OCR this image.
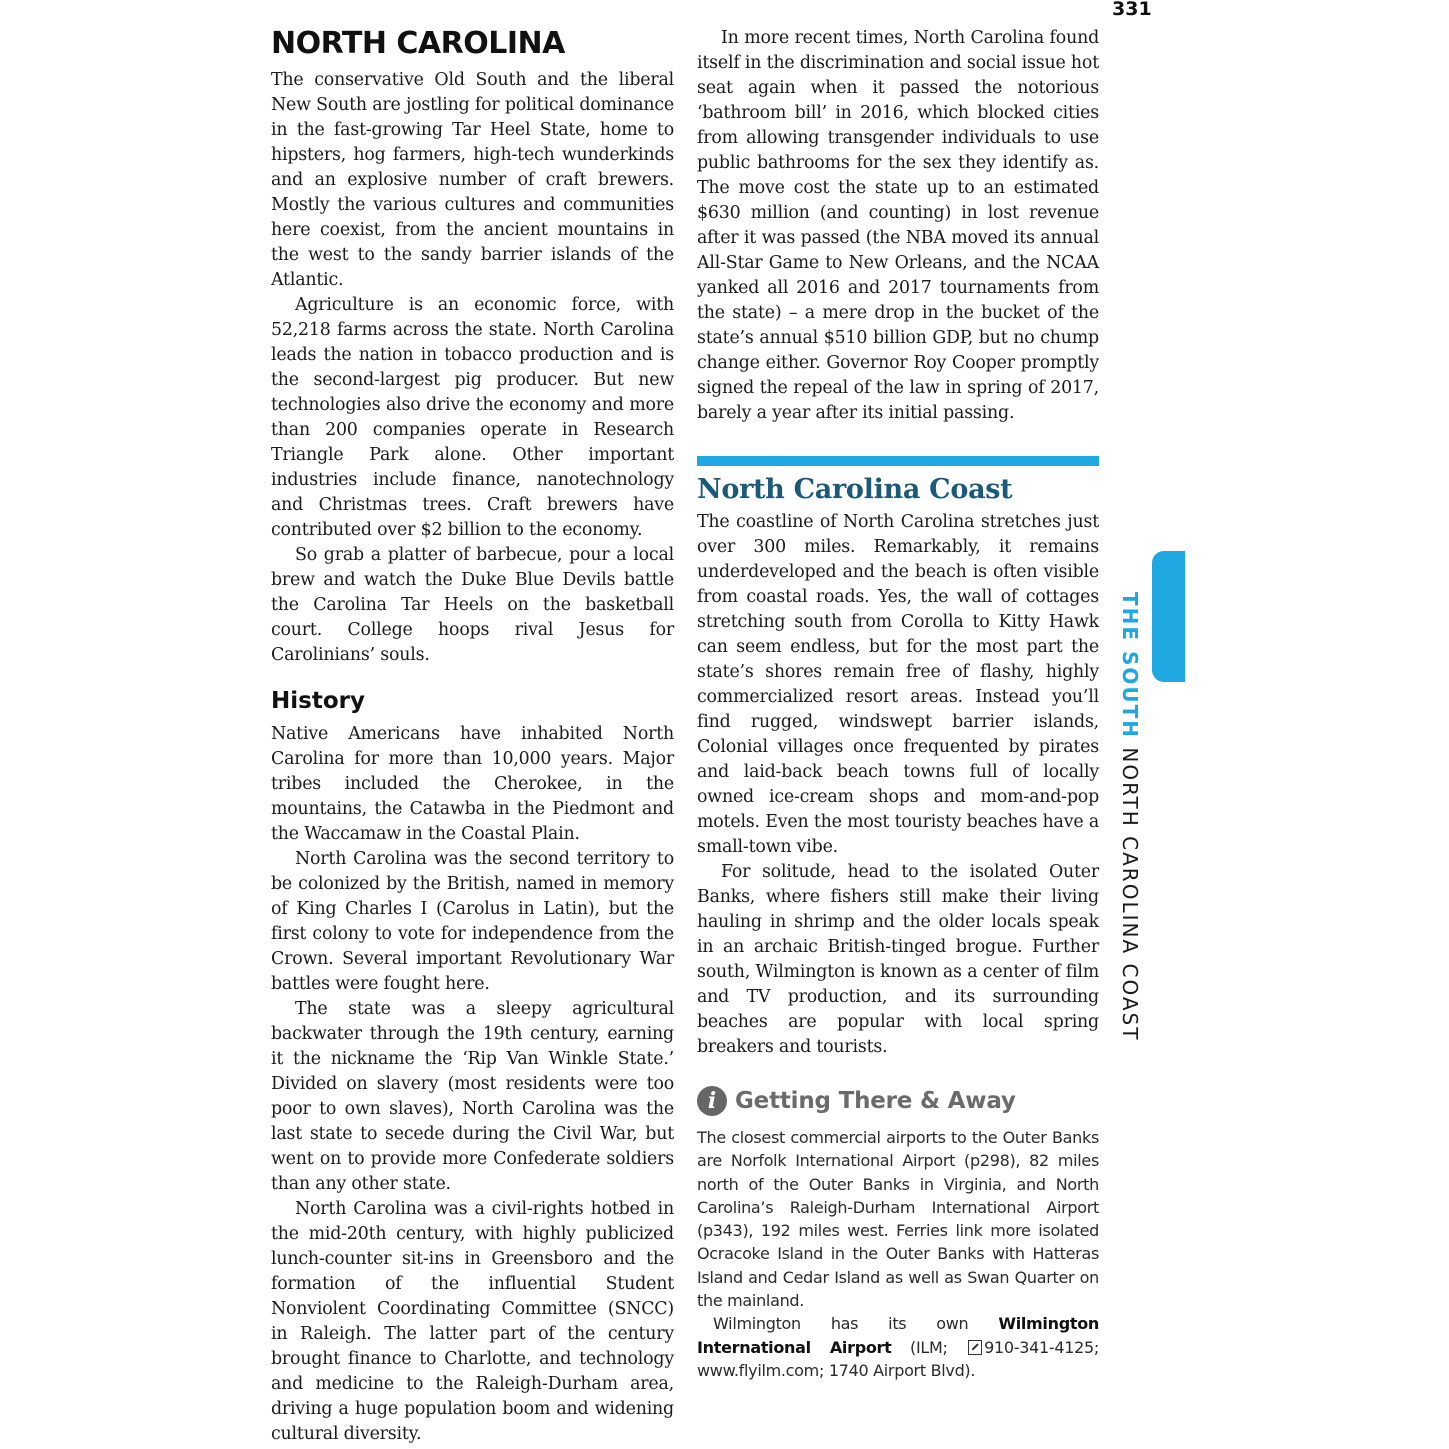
331
NORTH CAROLINA

The conservative Old South and the liberal New South are jostling for political dominance in the fast-growing Tar Heel State, home to hipsters, hog farmers, high-tech wunderkinds and an explosive number of craft brewers. Mostly the various cultures and communities here coexist, from the ancient mountains in the west to the sandy barrier islands of the Atlantic.

Agriculture is an economic force, with 52,218 farms across the state. North Carolina leads the nation in tobacco production and is the second-largest pig producer. But new technologies also drive the economy and more than 200 companies operate in Research Triangle Park alone. Other important industries include finance, nanotechnology and Christmas trees. Craft brewers have contributed over $2 billion to the economy.

So grab a platter of barbecue, pour a local brew and watch the Duke Blue Devils battle the Carolina Tar Heels on the basketball court. College hoops rival Jesus for Carolinians’ souls.

History

Native Americans have inhabited North Carolina for more than 10,000 years. Major tribes included the Cherokee, in the mountains, the Catawba in the Piedmont and the Waccamaw in the Coastal Plain.

North Carolina was the second territory to be colonized by the British, named in memory of King Charles I (Carolus in Latin), but the first colony to vote for independence from the Crown. Several important Revolutionary War battles were fought here.

The state was a sleepy agricultural backwater through the 19th century, earning it the nickname the ‘Rip Van Winkle State.’ Divided on slavery (most residents were too poor to own slaves), North Carolina was the last state to secede during the Civil War, but went on to provide more Confederate soldiers than any other state.

North Carolina was a civil-rights hotbed in the mid-20th century, with highly publicized lunch-counter sit-ins in Greensboro and the formation of the influential Student Nonviolent Coordinating Committee (SNCC) in Raleigh. The latter part of the century brought finance to Charlotte, and technology and medicine to the Raleigh-Durham area, driving a huge population boom and widening cultural diversity.

In more recent times, North Carolina found itself in the discrimination and social issue hot seat again when it passed the notorious ‘bathroom bill’ in 2016, which blocked cities from allowing transgender individuals to use public bathrooms for the sex they identify as. The move cost the state up to an estimated $630 million (and counting) in lost revenue after it was passed (the NBA moved its annual All-Star Game to New Orleans, and the NCAA yanked all 2016 and 2017 tournaments from the state) – a mere drop in the bucket of the state’s annual $510 billion GDP, but no chump change either. Governor Roy Cooper promptly signed the repeal of the law in spring of 2017, barely a year after its initial passing.

North Carolina Coast

The coastline of North Carolina stretches just over 300 miles. Remarkably, it remains underdeveloped and the beach is often visible from coastal roads. Yes, the wall of cottages stretching south from Corolla to Kitty Hawk can seem endless, but for the most part the state’s shores remain free of flashy, highly commercialized resort areas. Instead you’ll find rugged, windswept barrier islands, Colonial villages once frequented by pirates and laid-back beach towns full of locally owned ice-cream shops and mom-and-pop motels. Even the most touristy beaches have a small-town vibe.

For solitude, head to the isolated Outer Banks, where fishers still make their living hauling in shrimp and the older locals speak in an archaic British-tinged brogue. Further south, Wilmington is known as a center of film and TV production, and its surrounding beaches are popular with local spring breakers and tourists.

i Getting There & Away

The closest commercial airports to the Outer Banks are Norfolk International Airport (p298), 82 miles north of the Outer Banks in Virginia, and North Carolina’s Raleigh-Durham International Airport (p343), 192 miles west. Ferries link more isolated Ocracoke Island in the Outer Banks with Hatteras Island and Cedar Island as well as Swan Quarter on the mainland.

Wilmington has its own Wilmington International Airport (ILM; 910-341-4125; www.flyilm.com; 1740 Airport Blvd).

THE SOUTH NORTH CAROLINA COAST
